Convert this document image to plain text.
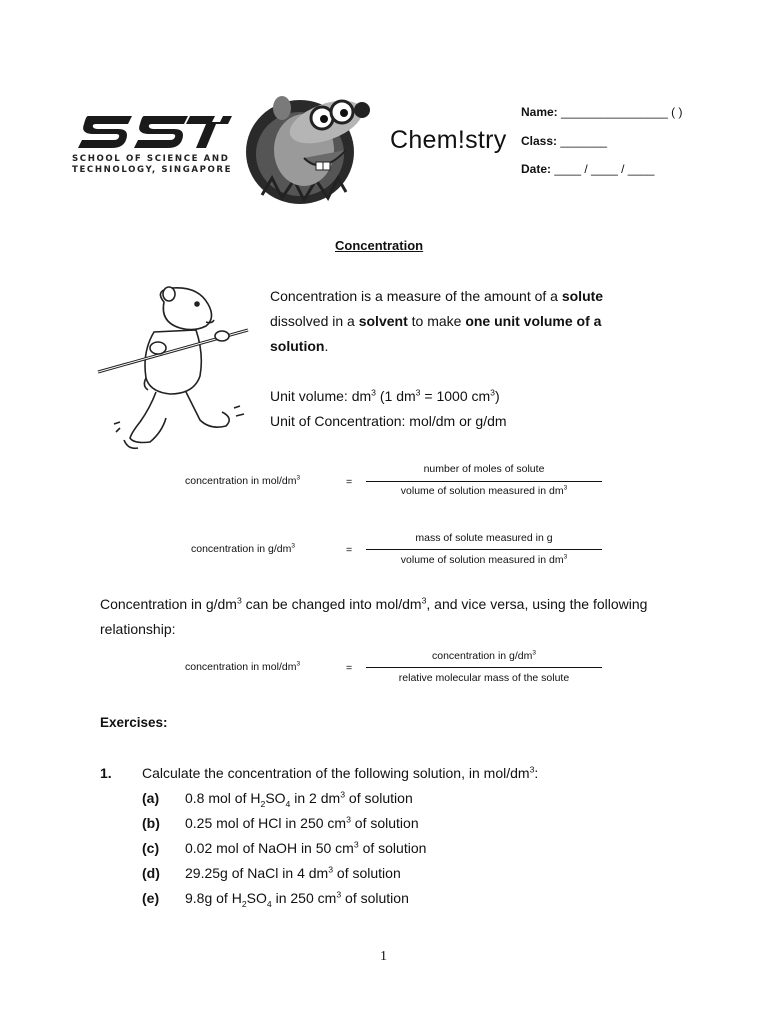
SCHOOL OF SCIENCE AND
TECHNOLOGY, SINGAPORE
Chem!stry
Name: ________________ ( )
Class: _______
Date: ____ / ____ / ____
Concentration
Concentration is a measure of the amount of a solute
dissolved in a solvent to make one unit volume of a
solution.
Unit volume: $dm^3$ (1 $dm^3 = 1000$ $cm^3$)
Unit of Concentration: mol/dm or g/dm
concentration in mol/$dm^3$	=
number of moles of solute
volume of solution measured in $dm^3$
concentration in $g/dm^3$	=
mass of solute measured in g
volume of solution measured in $dm^3$
Concentration in $g/dm^3$ can be changed into mol/$dm^3$, and vice versa, using the following
relationship:
concentration in mol/$dm^3$	=
concentration in $g/dm^3$
relative molecular mass of the solute
Exercises:
1. Calculate the concentration of the following solution, in mol/$dm^3$:
(a) 0.8 mol of $H_2SO_4$ in 2 $dm^3$ of solution
(b) 0.25 mol of HCl in 250 $cm^3$ of solution
(c) 0.02 mol of NaOH in 50 $cm^3$ of solution
(d) 29.25g of NaCl in 4 $dm^3$ of solution
(e) 9.8g of $H_2SO_4$ in 250 $cm^3$ of solution
1
